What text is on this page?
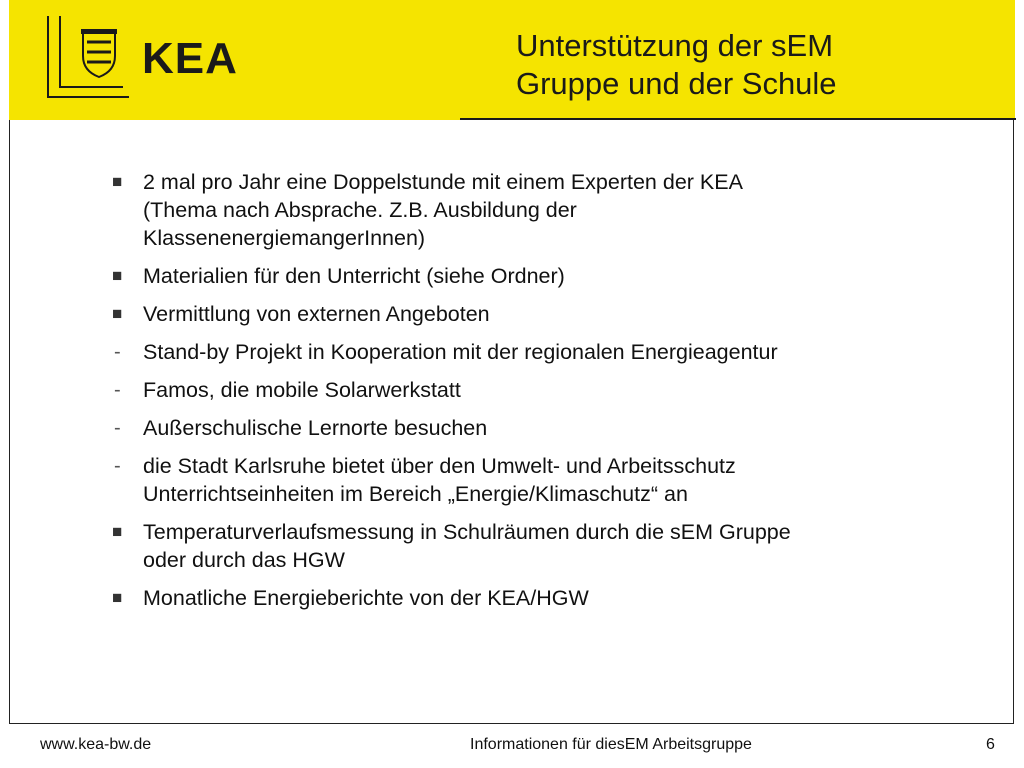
KEA	Unterstützung der sEM
Gruppe und der Schule
■ 2 mal pro Jahr eine Doppelstunde mit einem Experten der KEA
(Thema nach Absprache. Z.B. Ausbildung der
KlassenenergiemangerInnen)
■ Materialien für den Unterricht (siehe Ordner)
■ Vermittlung von externen Angeboten
-	Stand-by Projekt in Kooperation mit der regionalen Energieagentur
-	Famos, die mobile Solarwerkstatt
-	Außerschulische Lernorte besuchen
-	die Stadt Karlsruhe bietet über den Umwelt- und Arbeitsschutz
Unterrichtseinheiten im Bereich „Energie/Klimaschutz“ an
■ Temperaturverlaufsmessung in Schulräumen durch die sEM Gruppe
oder durch das HGW
■ Monatliche Energieberichte von der KEA/HGW
www.kea-bw.de	Informationen für diesEM Arbeitsgruppe	6
